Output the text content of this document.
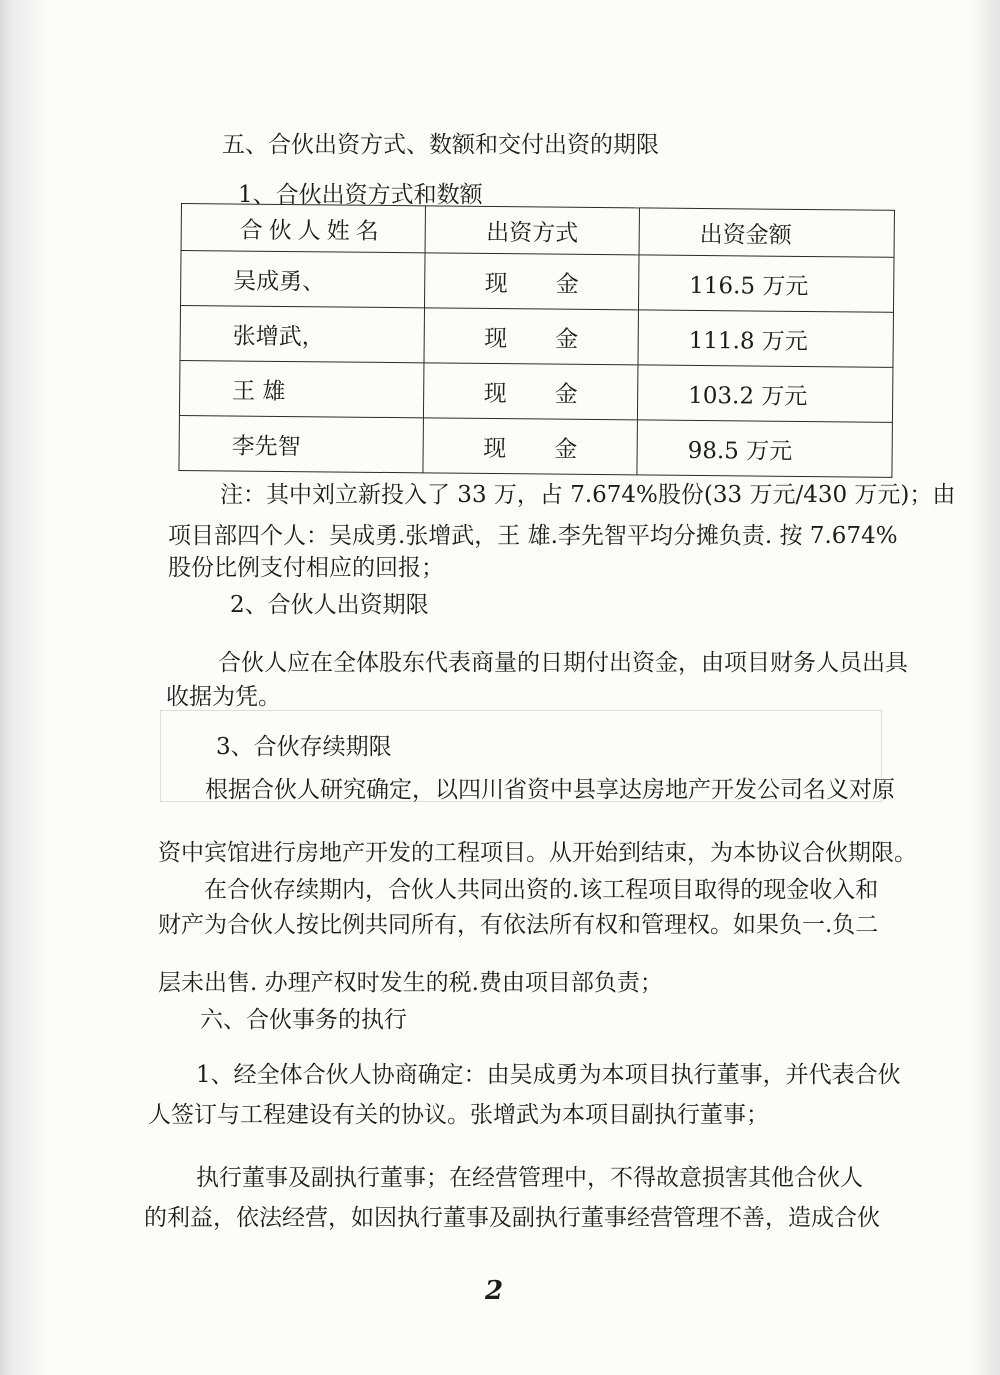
五、合伙出资方式、数额和交付出资的期限
1、合伙出资方式和数额
合伙人姓名	出资方式	出资金额
吴成勇、	现金	116.5 万元
张增武，	现金	111.8 万元
王 雄	现金	103.2 万元
李先智	现金	98.5 万元
注：其中刘立新投入了 33 万，占 7.674%股份(33 万元/430 万元)；由
项目部四个人：吴成勇.张增武，王 雄.李先智平均分摊负责. 按 7.674%
股份比例支付相应的回报；
2、合伙人出资期限
合伙人应在全体股东代表商量的日期付出资金，由项目财务人员出具
收据为凭。
3、合伙存续期限
根据合伙人研究确定，以四川省资中县享达房地产开发公司名义对原
资中宾馆进行房地产开发的工程项目。从开始到结束，为本协议合伙期限。
在合伙存续期内，合伙人共同出资的.该工程项目取得的现金收入和
财产为合伙人按比例共同所有，有依法所有权和管理权。如果负一.负二
层未出售. 办理产权时发生的税.费由项目部负责；
六、合伙事务的执行
1、经全体合伙人协商确定：由吴成勇为本项目执行董事，并代表合伙
人签订与工程建设有关的协议。张增武为本项目副执行董事；
执行董事及副执行董事；在经营管理中，不得故意损害其他合伙人
的利益，依法经营，如因执行董事及副执行董事经营管理不善，造成合伙
2
